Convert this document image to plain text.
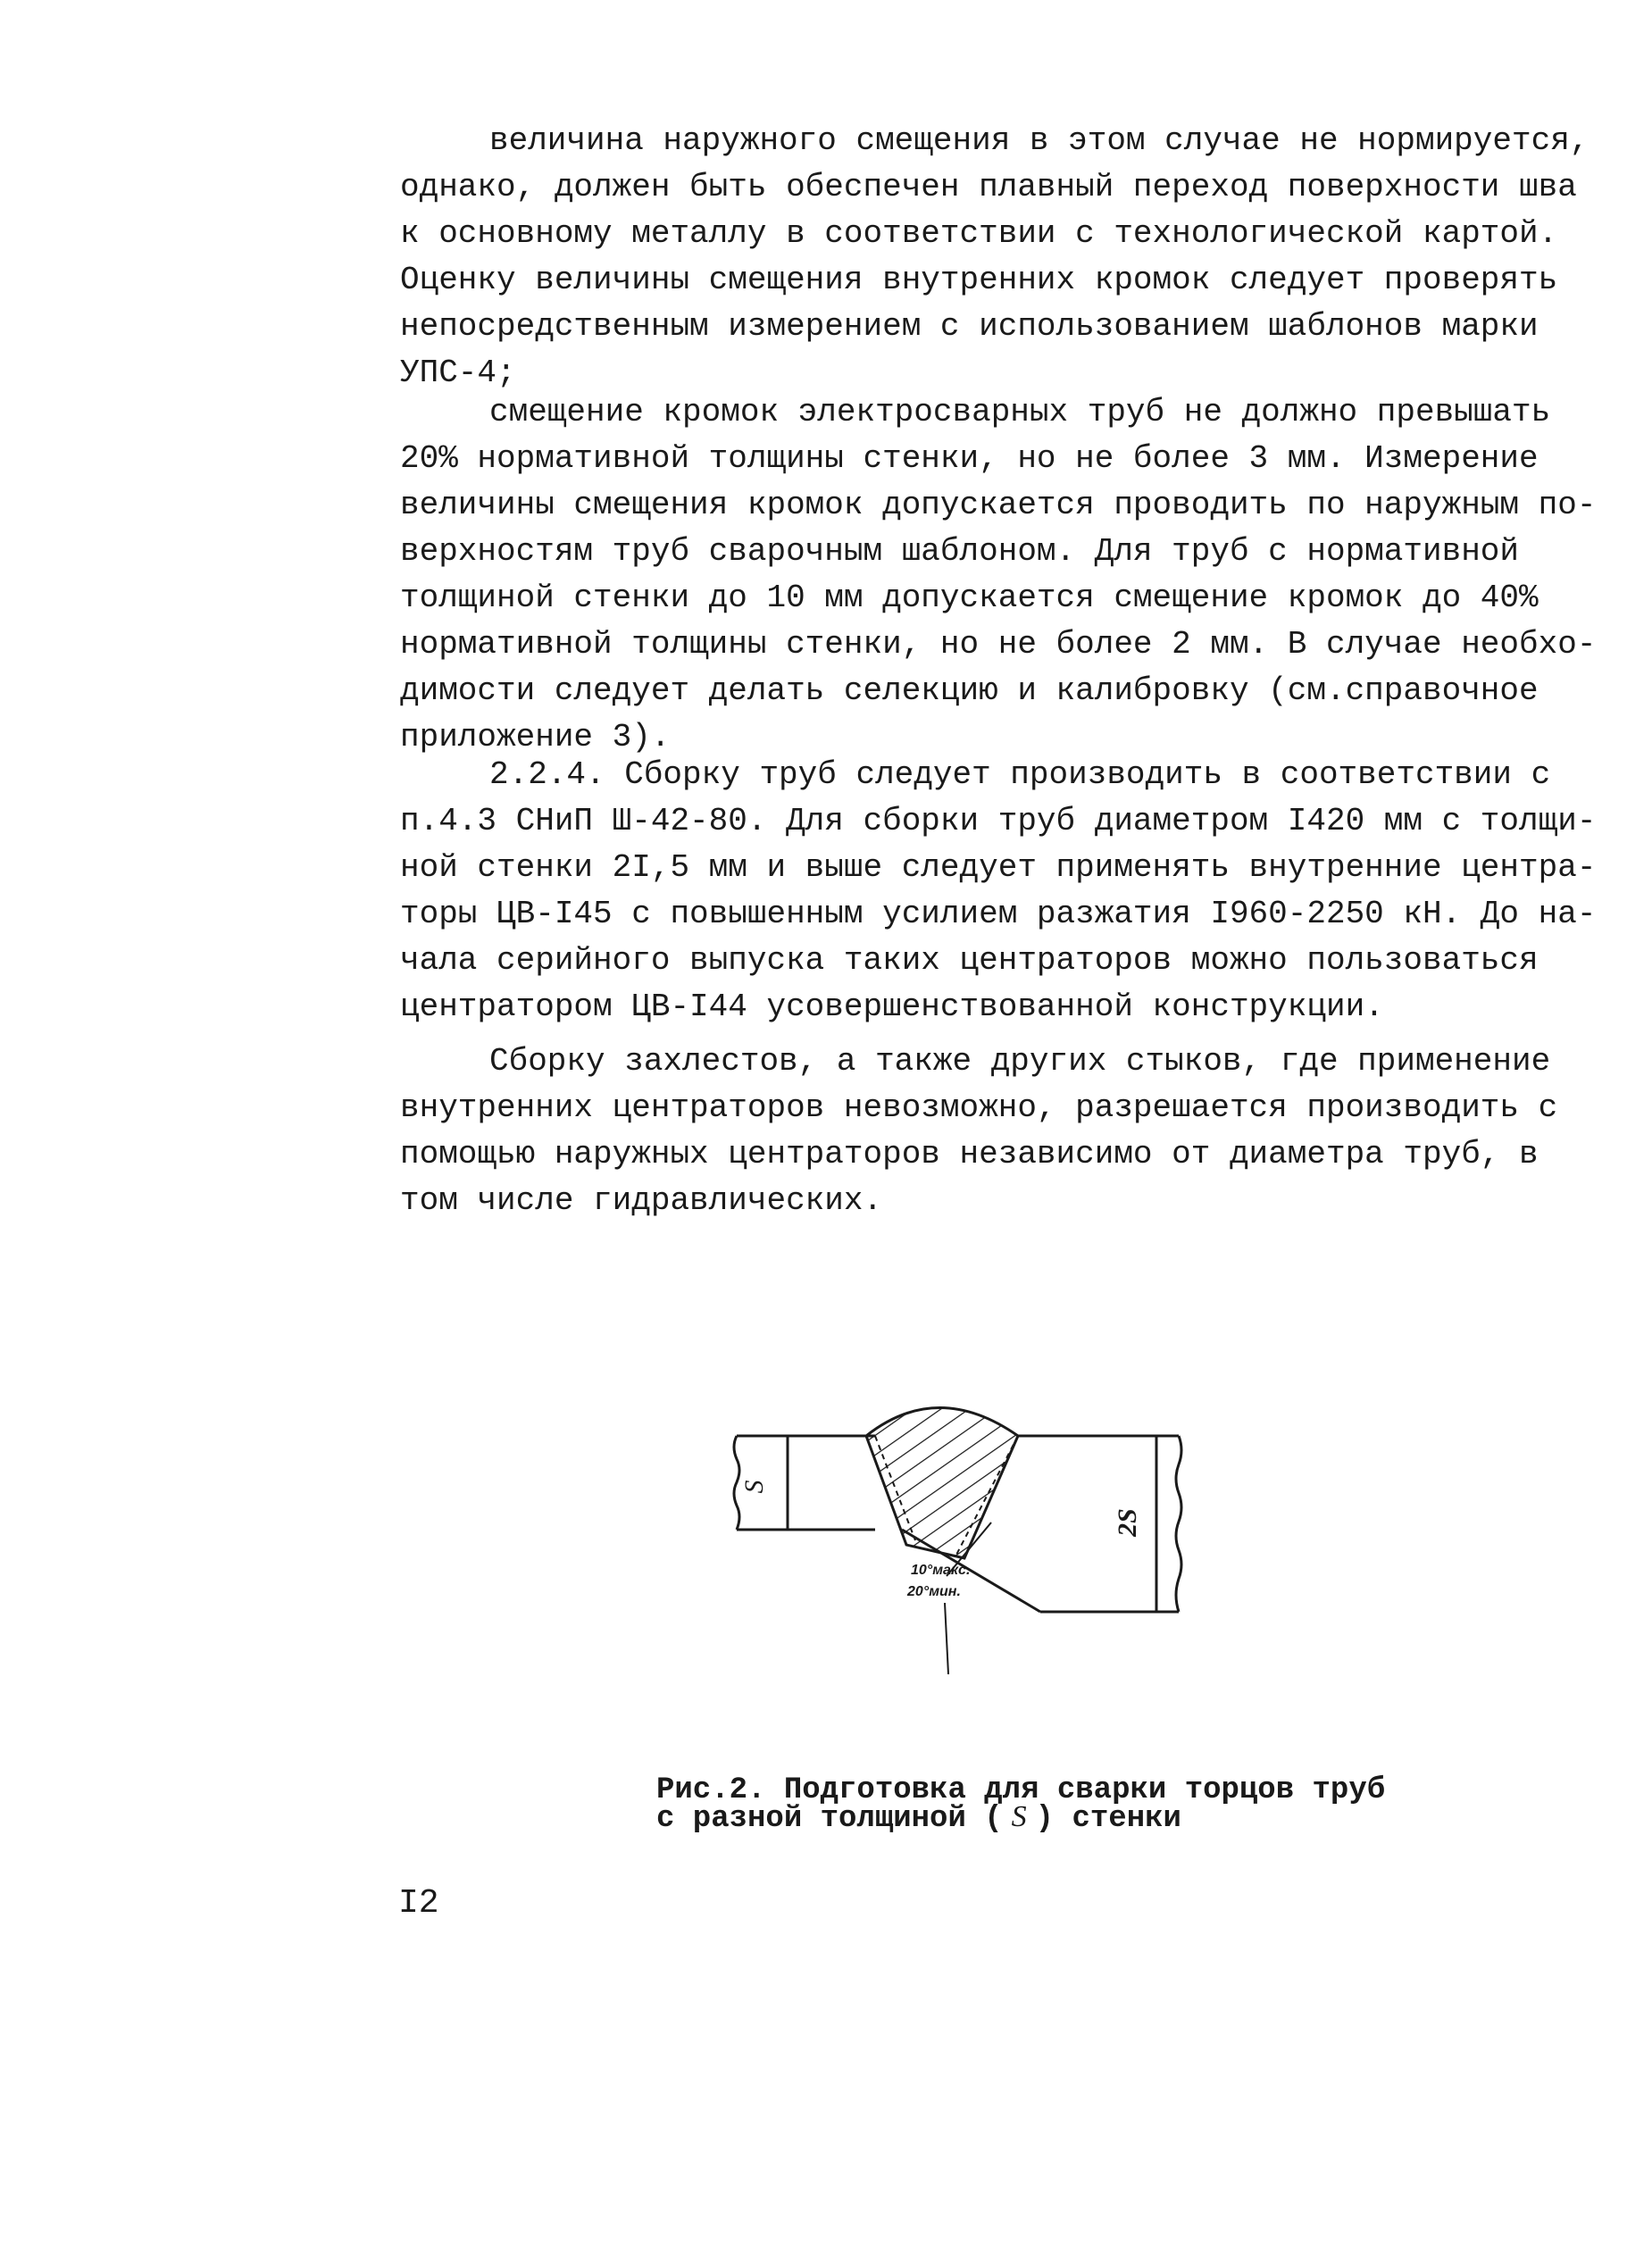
величина наружного смещения в этом случае не нормируется,
однако, должен быть обеспечен плавный переход поверхности шва
к основному металлу в соответствии с технологической картой.
Оценку величины смещения внутренних кромок следует проверять
непосредственным измерением с использованием шаблонов марки
УПС-4;
смещение кромок электросварных труб не должно превышать
20% нормативной толщины стенки, но не более 3 мм. Измерение
величины смещения кромок допускается проводить по наружным по-
верхностям труб сварочным шаблоном. Для труб с нормативной
толщиной стенки до 10 мм допускается смещение кромок до 40%
нормативной толщины стенки, но не более 2 мм. В случае необхо-
димости следует делать селекцию и калибровку (см.справочное
приложение 3).
2.2.4. Сборку труб следует производить в соответствии с
п.4.3 СНиП Ш-42-80. Для сборки труб диаметром I420 мм с толщи-
ной стенки 2I,5 мм и выше следует применять внутренние центра-
торы ЦВ-I45 с повышенным усилием разжатия I960-2250 кН. До на-
чала серийного выпуска таких центраторов можно пользоваться
центратором ЦВ-I44 усовершенствованной конструкции.
Сборку захлестов, а также других стыков, где применение
внутренних центраторов невозможно, разрешается производить с
помощью наружных центраторов независимо от диаметра труб, в
том числе гидравлических.
S
2S
10°макс.
20°мин.
Рис.2. Подготовка для сварки торцов труб
с разной толщиной ( S ) стенки
I2
